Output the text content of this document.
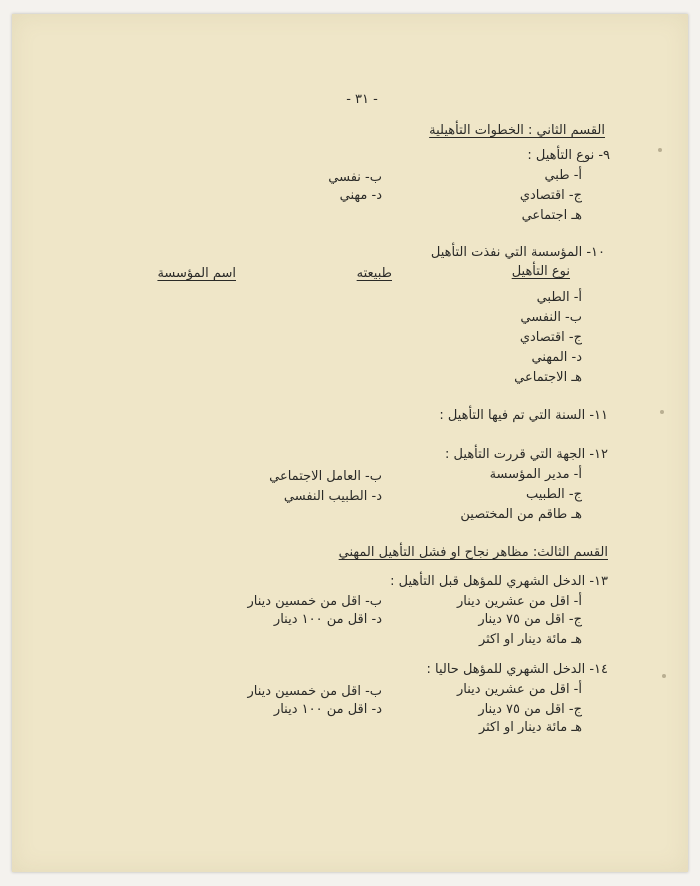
- ٣١ -
القسم الثاني : الخطوات التأهيلية
٩- نوع التأهيل :
أ- طبي
ب- نفسي
ج- اقتصادي
د- مهني
هـ اجتماعي
١٠- المؤسسة التي نفذت التأهيل
نوع التأهيل
طبيعته
اسم المؤسسة
أ- الطبي
ب- النفسي
ج- اقتصادي
د- المهني
هـ الاجتماعي
١١- السنة التي تم فيها التأهيل :
١٢- الجهة التي قررت التأهيل :
أ- مدير المؤسسة
ب- العامل الاجتماعي
ج- الطبيب
د- الطبيب النفسي
هـ طاقم من المختصين
القسم الثالث: مظاهر نجاح او فشل التأهيل المهني
١٣- الدخل الشهري للمؤهل قبل التأهيل :
أ- اقل من عشرين دينار
ب- اقل من خمسين دينار
ج- اقل من ٧٥ دينار
د- اقل من ١٠٠ دينار
هـ مائة دينار او اكثر
١٤- الدخل الشهري للمؤهل حاليا :
أ- اقل من عشرين دينار
ب- اقل من خمسين دينار
ج- اقل من ٧٥ دينار
د- اقل من ١٠٠ دينار
هـ مائة دينار او اكثر
